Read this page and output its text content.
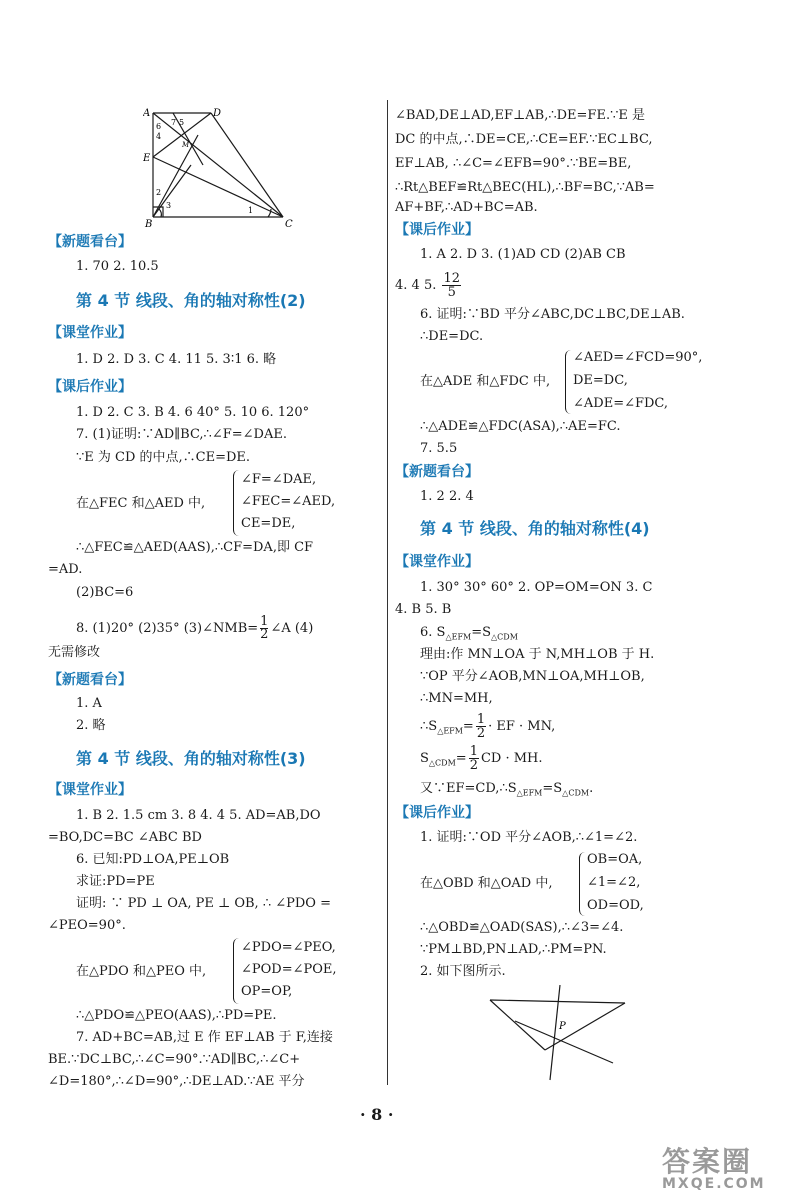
A	D
E
B	C
M
1
2
3
4
5
6 7
【新题看台】
1. 70 2. 10.5
第 4 节 线段、角的轴对称性(2)
【课堂作业】
1. D 2. D 3. C 4. 11 5. 3∶1 6. 略
【课后作业】
1. D 2. C 3. B 4. 6 40° 5. 10 6. 120°
7. (1)证明:∵AD∥BC,∴∠F=∠DAE.
∵E 为 CD 的中点,∴CE=DE.
在△FEC 和△AED 中,
∠F=∠DAE,
∠FEC=∠AED,
CE=DE,
∴△FEC≌△AED(AAS),∴CF=DA,即 CF
=AD.
(2)BC=6
8. (1)20° (2)35° (3)∠NMB= $\frac{1}{2}$ ∠A (4)
无需修改
【新题看台】
1. A
2. 略
第 4 节 线段、角的轴对称性(3)
【课堂作业】
1. B 2. 1.5 cm 3. 8 4. 4 5. AD=AB,DO
=BO,DC=BC ∠ABC BD
6. 已知:PD⊥OA,PE⊥OB
求证:PD=PE
证明: ∵ PD ⊥ OA, PE ⊥ OB, ∴ ∠PDO =
∠PEO=90°.
在△PDO 和△PEO 中,
∠PDO=∠PEO,
∠POD=∠POE,
OP=OP,
∴△PDO≌△PEO(AAS),∴PD=PE.
7. AD+BC=AB,过 E 作 EF⊥AB 于 F,连接
BE.∵DC⊥BC,∴∠C=90°.∵AD∥BC,∴∠C+
∠D=180°,∴∠D=90°,∴DE⊥AD.∵AE 平分
∠BAD,DE⊥AD,EF⊥AB,∴DE=FE.∵E 是
DC 的中点,∴DE=CE,∴CE=EF.∵EC⊥BC,
EF⊥AB, ∴∠C=∠EFB=90°.∵BE=BE,
∴Rt△BEF≌Rt△BEC(HL),∴BF=BC,∵AB=
AF+BF,∴AD+BC=AB.
【课后作业】
1. A 2. D 3. (1)AD CD (2)AB CB
4. 4 5. $\frac{12}{5}$
6. 证明:∵BD 平分∠ABC,DC⊥BC,DE⊥AB.
∴DE=DC.
在△ADE 和△FDC 中,
∠AED=∠FCD=90°,
DE=DC,
∠ADE=∠FDC,
∴△ADE≌△FDC(ASA),∴AE=FC.
7. 5.5
【新题看台】
1. 2 2. 4
第 4 节 线段、角的轴对称性(4)
【课堂作业】
1. 30° 30° 60° 2. OP=OM=ON 3. C
4. B 5. B
6. $S_{\triangle EFM}=S_{\triangle CDM}$
理由:作 MN⊥OA 于 N,MH⊥OB 于 H.
∵OP 平分∠AOB,MN⊥OA,MH⊥OB,
∴MN=MH,
$\therefore S_{\triangle EFM}= \frac{1}{2}$ · EF · MN,
$S_{\triangle CDM}= \frac{1}{2}$ CD · MH.
又$\because EF=CD,\therefore S_{\triangle EFM}=S_{\triangle CDM}$.
【课后作业】
1. 证明:∵OD 平分∠AOB,∴∠1=∠2.
在△OBD 和△OAD 中,
OB=OA,
∠1=∠2,
OD=OD,
∴△OBD≌△OAD(SAS),∴∠3=∠4.
∵PM⊥BD,PN⊥AD,∴PM=PN.
2. 如下图所示.
P
· 8 ·
答案圈
MXQE.COM
